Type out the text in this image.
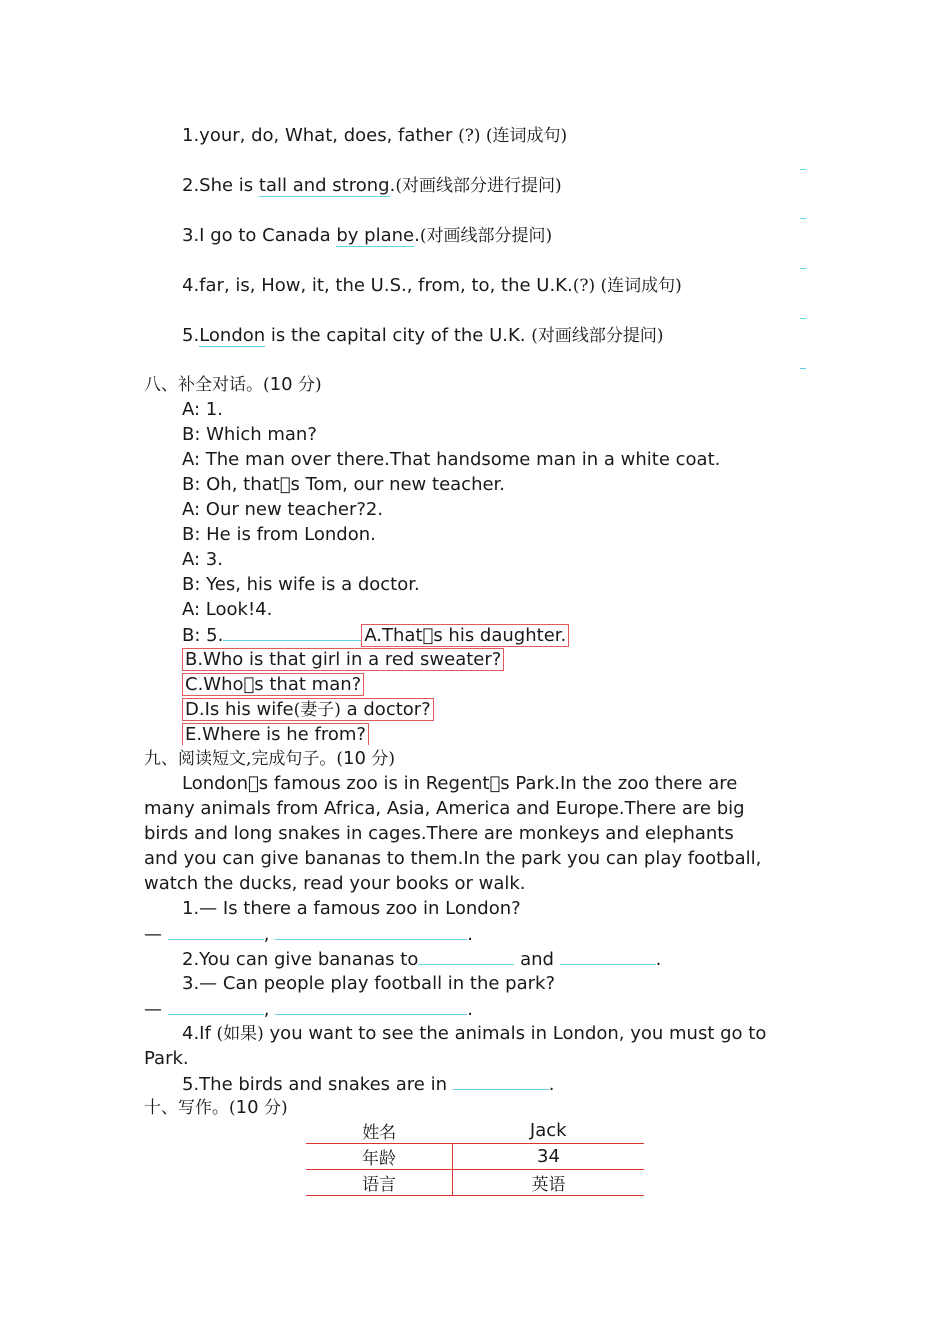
1.your, do, What, does, father (?) (连词成句)
2.She is tall and strong.(对画线部分进行提问)
3.I go to Canada by plane.(对画线部分提问)
4.far, is, How, it, the U.S., from, to, the U.K.(?) (连词成句)
5.London is the capital city of the U.K. (对画线部分提问)
八、补全对话。(10 分)
A: 1.
B: Which man?
A: The man over there.That handsome man in a white coat.
B: Oh, that s Tom, our new teacher.
A: Our new teacher?2.
B: He is from London.
A: 3.
B: Yes, his wife is a doctor.
A: Look!4.
B: 5.	A.That s his daughter.
B.Who is that girl in a red sweater?
C.Who s that man?
D.Is his wife(妻子) a doctor?
E.Where is he from?
九、阅读短文,完成句子。(10 分)
London s famous zoo is in Regent s Park.In the zoo there are
many animals from Africa, Asia, America and Europe.There are big
birds and long snakes in cages.There are monkeys and elephants
and you can give bananas to them.In the park you can play football,
watch the ducks, read your books or walk.
1.— Is there a famous zoo in London?
—	,	.
2.You can give bananas to	and	.
3.— Can people play football in the park?
—	,	.
4.If (如果) you want to see the animals in London, you must go to
Park.
5.The birds and snakes are in	.
十、写作。(10 分)
姓名	Jack
年龄	34
语言	英语
